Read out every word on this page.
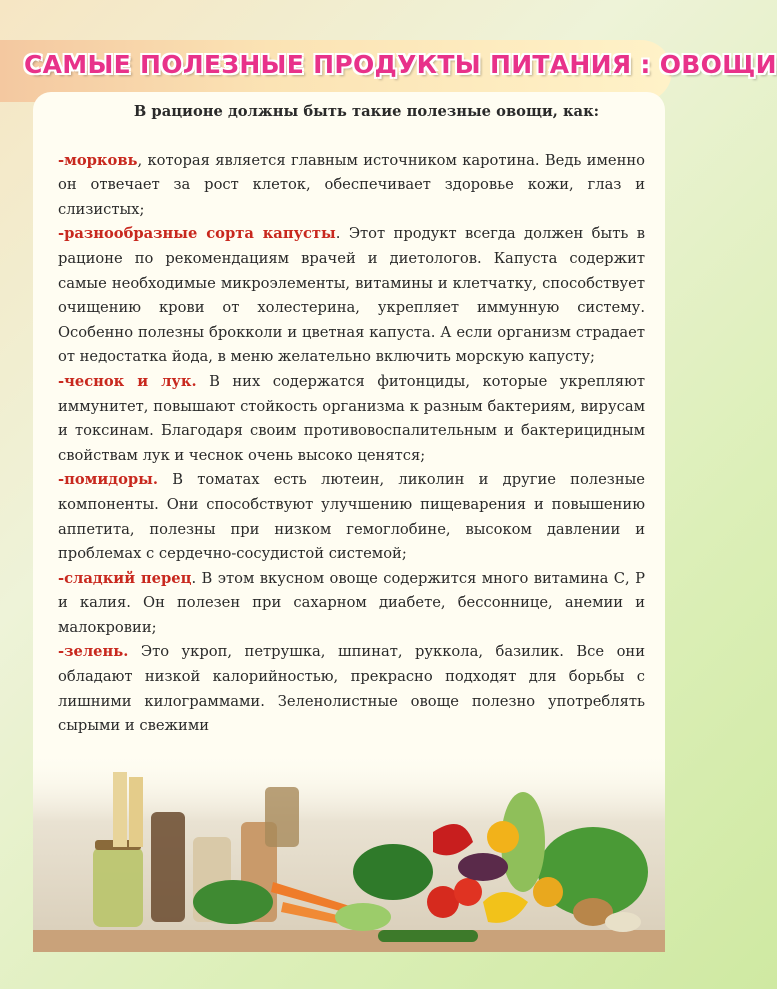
САМЫЕ ПОЛЕЗНЫЕ ПРОДУКТЫ ПИТАНИЯ : ОВОЩИ

В рационе должны быть такие полезные овощи, как:

-морковь, которая является главным источником каротина. Ведь именно он отвечает за рост клеток, обеспечивает здоровье кожи, глаз и слизистых;

-разнообразные сорта капусты. Этот продукт всегда должен быть в рационе по рекомендациям врачей и диетологов. Капуста содержит самые необходимые микроэлементы, витамины и клетчатку, способствует очищению крови от холестерина, укрепляет иммунную систему. Особенно полезны брокколи и цветная капуста. А если организм страдает от недостатка йода, в меню желательно включить морскую капусту;

-чеснок и лук. В них содержатся фитонциды, которые укрепляют иммунитет, повышают стойкость организма к разным бактериям, вирусам и токсинам. Благодаря своим противовоспалительным и бактерицидным свойствам лук и чеснок очень высоко ценятся;

-помидоры. В томатах есть лютеин, ликолин и другие полезные компоненты. Они способствуют улучшению пищеварения и повышению аппетита, полезны при низком гемоглобине, высоком давлении и проблемах с сердечно-сосудистой системой;

-сладкий перец. В этом вкусном овоще содержится много витамина С, Р и калия. Он полезен при сахарном диабете, бессоннице, анемии и малокровии;

-зелень. Это укроп, петрушка, шпинат, руккола, базилик. Все они обладают низкой калорийностью, прекрасно подходят для борьбы с лишними килограммами. Зеленолистные овоще полезно употреблять сырыми и свежими
